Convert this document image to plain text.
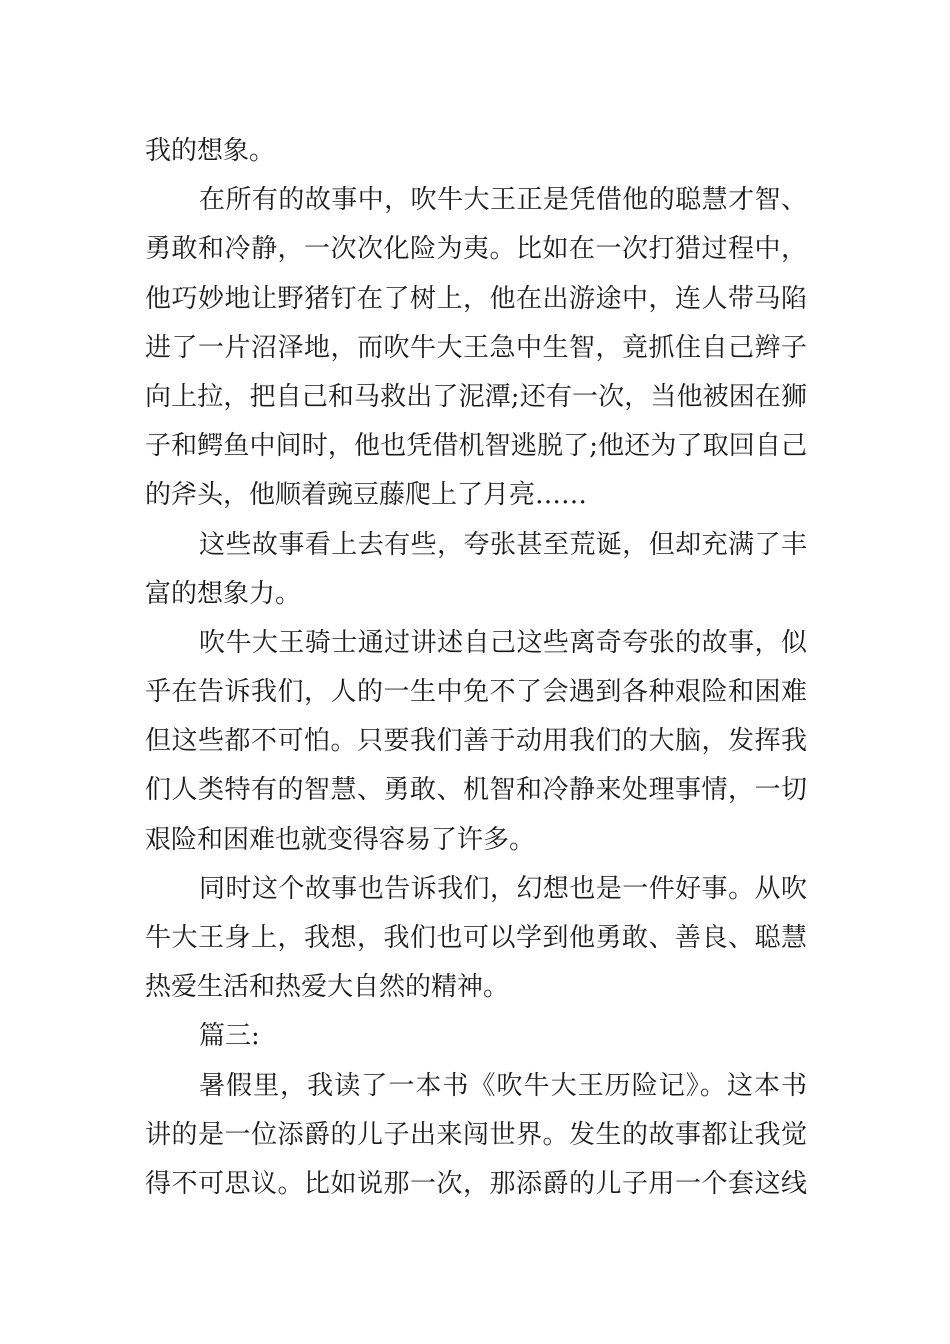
我的想象。
在所有的故事中，吹牛大王正是凭借他的聪慧才智、
勇敢和冷静，一次次化险为夷。比如在一次打猎过程中，
他巧妙地让野猪钉在了树上，他在出游途中，连人带马陷
进了一片沼泽地，而吹牛大王急中生智，竟抓住自己辫子
向上拉，把自己和马救出了泥潭;还有一次，当他被困在狮
子和鳄鱼中间时，他也凭借机智逃脱了;他还为了取回自己
的斧头，他顺着豌豆藤爬上了月亮……
这些故事看上去有些，夸张甚至荒诞，但却充满了丰
富的想象力。
吹牛大王骑士通过讲述自己这些离奇夸张的故事，似
乎在告诉我们，人的一生中免不了会遇到各种艰险和困难
但这些都不可怕。只要我们善于动用我们的大脑，发挥我
们人类特有的智慧、勇敢、机智和冷静来处理事情，一切
艰险和困难也就变得容易了许多。
同时这个故事也告诉我们，幻想也是一件好事。从吹
牛大王身上，我想，我们也可以学到他勇敢、善良、聪慧
热爱生活和热爱大自然的精神。
篇三:
暑假里，我读了一本书《吹牛大王历险记》。这本书
讲的是一位添爵的儿子出来闯世界。发生的故事都让我觉
得不可思议。比如说那一次，那添爵的儿子用一个套这线
